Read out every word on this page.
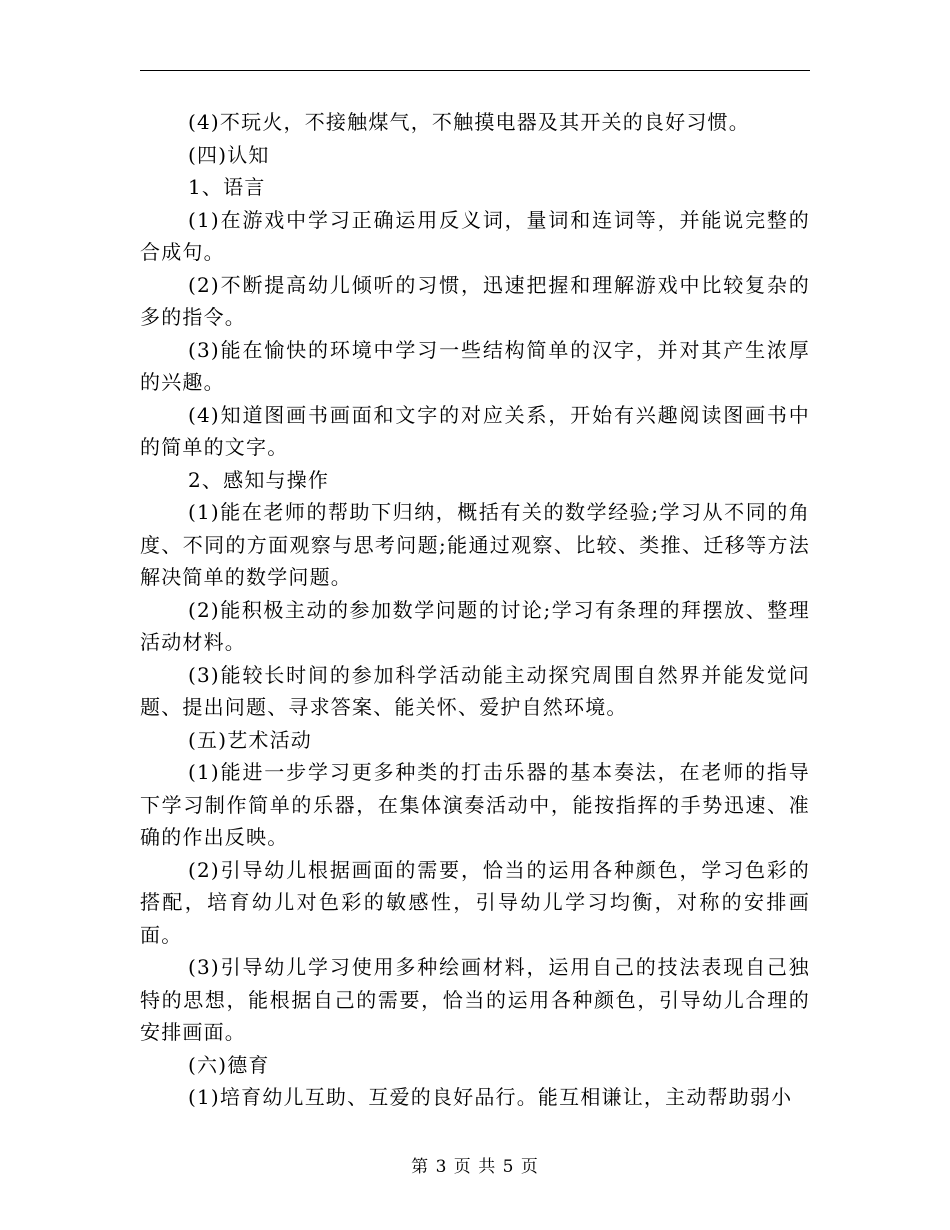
(4)不玩火，不接触煤气，不触摸电器及其开关的良好习惯。

(四)认知

1、语言

(1)在游戏中学习正确运用反义词，量词和连词等，并能说完整的合成句。

(2)不断提高幼儿倾听的习惯，迅速把握和理解游戏中比较复杂的多的指令。

(3)能在愉快的环境中学习一些结构简单的汉字，并对其产生浓厚的兴趣。

(4)知道图画书画面和文字的对应关系，开始有兴趣阅读图画书中的简单的文字。

2、感知与操作

(1)能在老师的帮助下归纳，概括有关的数学经验;学习从不同的角度、不同的方面观察与思考问题;能通过观察、比较、类推、迁移等方法解决简单的数学问题。

(2)能积极主动的参加数学问题的讨论;学习有条理的拜摆放、整理活动材料。

(3)能较长时间的参加科学活动能主动探究周围自然界并能发觉问题、提出问题、寻求答案、能关怀、爱护自然环境。

(五)艺术活动

(1)能进一步学习更多种类的打击乐器的基本奏法，在老师的指导下学习制作简单的乐器，在集体演奏活动中，能按指挥的手势迅速、准确的作出反映。

(2)引导幼儿根据画面的需要，恰当的运用各种颜色，学习色彩的搭配，培育幼儿对色彩的敏感性，引导幼儿学习均衡，对称的安排画面。

(3)引导幼儿学习使用多种绘画材料，运用自己的技法表现自己独特的思想，能根据自己的需要，恰当的运用各种颜色，引导幼儿合理的安排画面。

(六)德育

(1)培育幼儿互助、互爱的良好品行。能互相谦让，主动帮助弱小

第 3 页 共 5 页
